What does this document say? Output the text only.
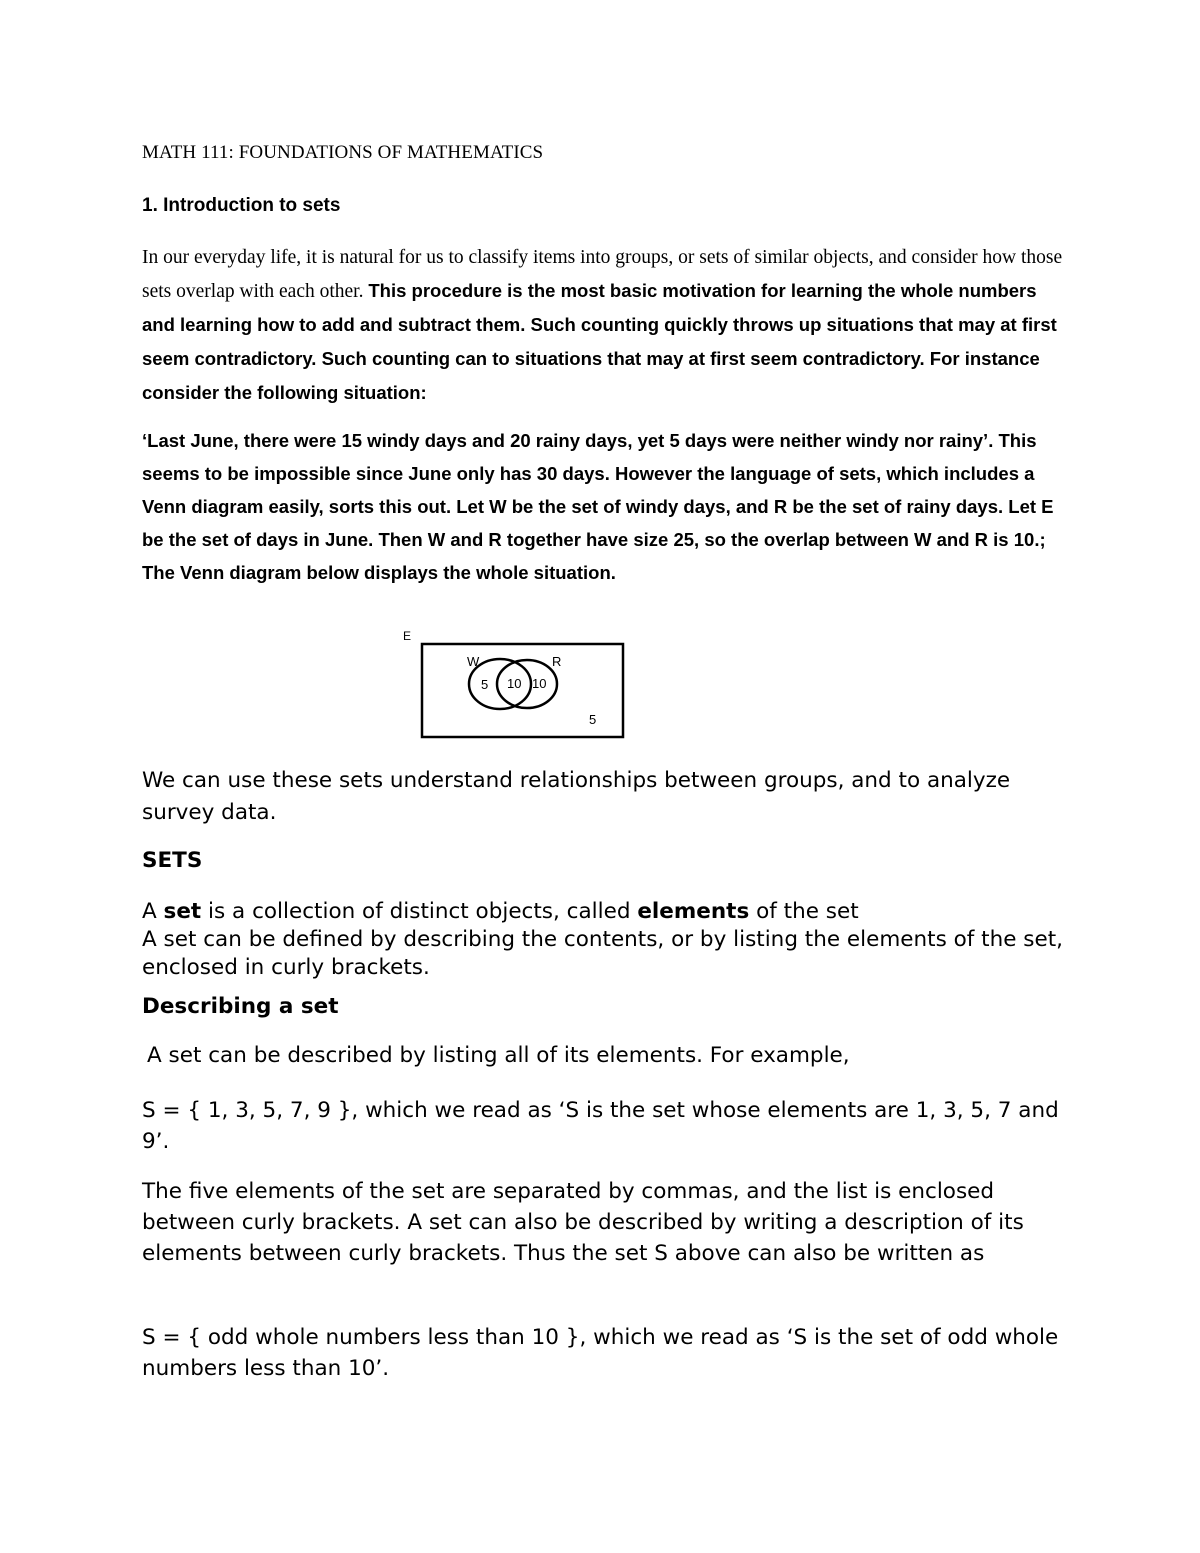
MATH 111: FOUNDATIONS OF MATHEMATICS
1. Introduction to sets
In our everyday life, it is natural for us to classify items into groups, or sets of similar objects, and consider how those sets overlap with each other. This procedure is the most basic motivation for learning the whole numbers and learning how to add and subtract them. Such counting quickly throws up situations that may at first seem contradictory. Such counting can to situations that may at first seem contradictory. For instance consider the following situation:
‘Last June, there were 15 windy days and 20 rainy days, yet 5 days were neither windy nor rainy’. This seems to be impossible since June only has 30 days. However the language of sets, which includes a Venn diagram easily, sorts this out. Let W be the set of windy days, and R be the set of rainy days. Let E be the set of days in June. Then W and R together have size 25, so the overlap between W and R is 10.; The Venn diagram below displays the whole situation.
E
W	R
5 10 10
5
We can use these sets understand relationships between groups, and to analyze survey data.
SETS
A set is a collection of distinct objects, called elements of the set
A set can be defined by describing the contents, or by listing the elements of the set, enclosed in curly brackets.
Describing a set
A set can be described by listing all of its elements. For example,
S = { 1, 3, 5, 7, 9 }, which we read as ‘S is the set whose elements are 1, 3, 5, 7 and 9’.
The five elements of the set are separated by commas, and the list is enclosed between curly brackets. A set can also be described by writing a description of its elements between curly brackets. Thus the set S above can also be written as
S = { odd whole numbers less than 10 }, which we read as ‘S is the set of odd whole numbers less than 10’.
